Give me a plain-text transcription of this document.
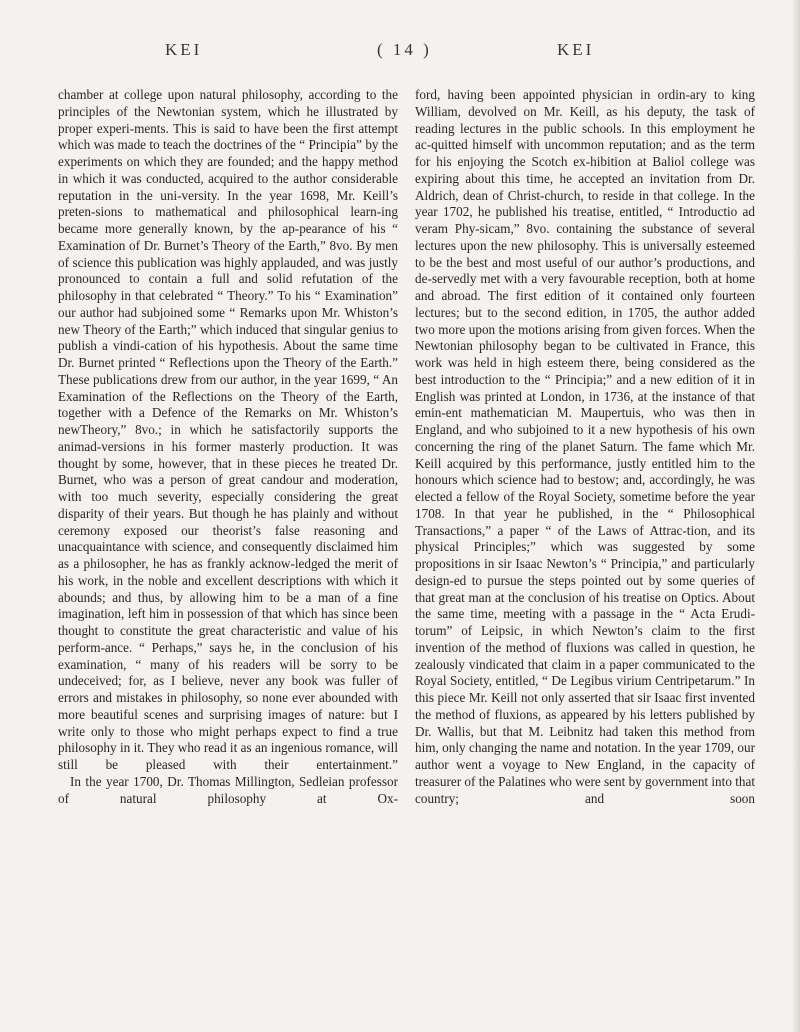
KEI	( 14 )	KEI

chamber at college upon natural philosophy, according to the principles of the Newtonian system, which he illustrated by proper experi-ments. This is said to have been the first attempt which was made to teach the doctrines of the “ Principia” by the experiments on which they are founded; and the happy method in which it was conducted, acquired to the author considerable reputation in the uni-versity. In the year 1698, Mr. Keill’s preten-sions to mathematical and philosophical learn-ing became more generally known, by the ap-pearance of his “ Examination of Dr. Burnet’s Theory of the Earth,” 8vo. By men of science this publication was highly applauded, and was justly pronounced to contain a full and solid refutation of the philosophy in that celebrated “ Theory.” To his “ Examination” our author had subjoined some “ Remarks upon Mr. Whiston’s new Theory of the Earth;” which induced that singular genius to publish a vindi-cation of his hypothesis. About the same time Dr. Burnet printed “ Reflections upon the Theory of the Earth.” These publications drew from our author, in the year 1699, “ An Examination of the Reflections on the Theory of the Earth, together with a Defence of the Remarks on Mr. Whiston’s newTheory,” 8vo.; in which he satisfactorily supports the animad-versions in his former masterly production. It was thought by some, however, that in these pieces he treated Dr. Burnet, who was a person of great candour and moderation, with too much severity, especially considering the great disparity of their years. But though he has plainly and without ceremony exposed our theorist’s false reasoning and unacquaintance with science, and consequently disclaimed him as a philosopher, he has as frankly acknow-ledged the merit of his work, in the noble and excellent descriptions with which it abounds; and thus, by allowing him to be a man of a fine imagination, left him in possession of that which has since been thought to constitute the great characteristic and value of his perform-ance. “ Perhaps,” says he, in the conclusion of his examination, “ many of his readers will be sorry to be undeceived; for, as I believe, never any book was fuller of errors and mistakes in philosophy, so none ever abounded with more beautiful scenes and surprising images of nature: but I write only to those who might perhaps expect to find a true philosophy in it. They who read it as an ingenious romance, will still be pleased with their entertainment.”

In the year 1700, Dr. Thomas Millington, Sedleian professor of natural philosophy at Ox-

ford, having been appointed physician in ordin-ary to king William, devolved on Mr. Keill, as his deputy, the task of reading lectures in the public schools. In this employment he ac-quitted himself with uncommon reputation; and as the term for his enjoying the Scotch ex-hibition at Baliol college was expiring about this time, he accepted an invitation from Dr. Aldrich, dean of Christ-church, to reside in that college. In the year 1702, he published his treatise, entitled, “ Introductio ad veram Phy-sicam,” 8vo. containing the substance of several lectures upon the new philosophy. This is universally esteemed to be the best and most useful of our author’s productions, and de-servedly met with a very favourable reception, both at home and abroad. The first edition of it contained only fourteen lectures; but to the second edition, in 1705, the author added two more upon the motions arising from given forces. When the Newtonian philosophy began to be cultivated in France, this work was held in high esteem there, being considered as the best introduction to the “ Principia;” and a new edition of it in English was printed at London, in 1736, at the instance of that emin-ent mathematician M. Maupertuis, who was then in England, and who subjoined to it a new hypothesis of his own concerning the ring of the planet Saturn. The fame which Mr. Keill acquired by this performance, justly entitled him to the honours which science had to bestow; and, accordingly, he was elected a fellow of the Royal Society, sometime before the year 1708. In that year he published, in the “ Philosophical Transactions,” a paper “ of the Laws of Attrac-tion, and its physical Principles;” which was suggested by some propositions in sir Isaac Newton’s “ Principia,” and particularly design-ed to pursue the steps pointed out by some queries of that great man at the conclusion of his treatise on Optics. About the same time, meeting with a passage in the “ Acta Erudi-torum” of Leipsic, in which Newton’s claim to the first invention of the method of fluxions was called in question, he zealously vindicated that claim in a paper communicated to the Royal Society, entitled, “ De Legibus virium Centripetarum.” In this piece Mr. Keill not only asserted that sir Isaac first invented the method of fluxions, as appeared by his letters published by Dr. Wallis, but that M. Leibnitz had taken this method from him, only changing the name and notation. In the year 1709, our author went a voyage to New England, in the capacity of treasurer of the Palatines who were sent by government into that country; and soon
